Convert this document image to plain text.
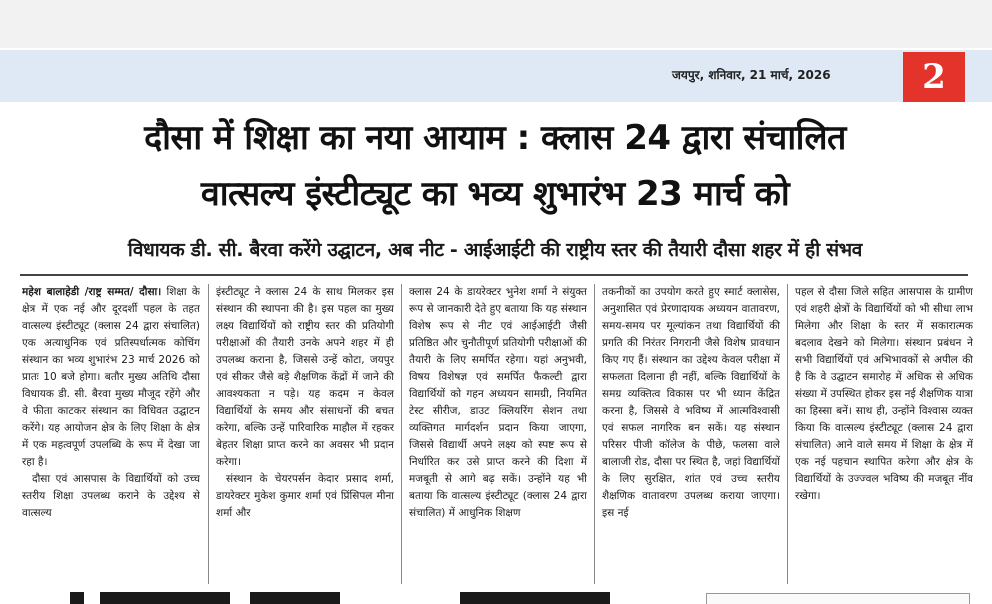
जयपुर, शनिवार, 21 मार्च, 2026	2
दौसा में शिक्षा का नया आयाम : क्लास 24 द्वारा संचालित
वात्सल्य इंस्टीट्यूट का भव्य शुभारंभ 23 मार्च को
विधायक डी. सी. बैरवा करेंगे उद्घाटन, अब नीट - आईआईटी की राष्ट्रीय स्तर की तैयारी दौसा शहर में ही संभव

महेश बालाहेडी /राष्ट्र सम्मत/ दौसा। शिक्षा के क्षेत्र में एक नई और दूरदर्शी पहल के तहत वात्सल्य इंस्टीट्यूट (क्लास 24 द्वारा संचालित) एक अत्याधुनिक एवं प्रतिस्पर्धात्मक कोचिंग संस्थान का भव्य शुभारंभ 23 मार्च 2026 को प्रातः 10 बजे होगा। बतौर मुख्य अतिथि दौसा विधायक डी. सी. बैरवा मुख्य मौजूद रहेंगे और वे फीता काटकर संस्थान का विधिवत उद्घाटन करेंगे। यह आयोजन क्षेत्र के लिए शिक्षा के क्षेत्र में एक महत्वपूर्ण उपलब्धि के रूप में देखा जा रहा है।

दौसा एवं आसपास के विद्यार्थियों को उच्च स्तरीय शिक्षा उपलब्ध कराने के उद्देश्य से वात्सल्य

इंस्टीट्यूट ने क्लास 24 के साथ मिलकर इस संस्थान की स्थापना की है। इस पहल का मुख्य लक्ष्य विद्यार्थियों को राष्ट्रीय स्तर की प्रतियोगी परीक्षाओं की तैयारी उनके अपने शहर में ही उपलब्ध कराना है, जिससे उन्हें कोटा, जयपुर एवं सीकर जैसे बड़े शैक्षणिक केंद्रों में जाने की आवश्यकता न पड़े। यह कदम न केवल विद्यार्थियों के समय और संसाधनों की बचत करेगा, बल्कि उन्हें पारिवारिक माहौल में रहकर बेहतर शिक्षा प्राप्त करने का अवसर भी प्रदान करेगा।

संस्थान के चेयरपर्सन केदार प्रसाद शर्मा, डायरेक्टर मुकेश कुमार शर्मा एवं प्रिंसिपल मीना शर्मा और

क्लास 24 के डायरेक्टर भुनेश शर्मा ने संयुक्त रूप से जानकारी देते हुए बताया कि यह संस्थान विशेष रूप से नीट एवं आईआईटी जैसी प्रतिष्ठित और चुनौतीपूर्ण प्रतियोगी परीक्षाओं की तैयारी के लिए समर्पित रहेगा। यहां अनुभवी, विषय विशेषज्ञ एवं समर्पित फैकल्टी द्वारा विद्यार्थियों को गहन अध्ययन सामग्री, नियमित टेस्ट सीरीज, डाउट क्लियरिंग सेशन तथा व्यक्तिगत मार्गदर्शन प्रदान किया जाएगा, जिससे विद्यार्थी अपने लक्ष्य को स्पष्ट रूप से निर्धारित कर उसे प्राप्त करने की दिशा में मजबूती से आगे बढ़ सकें। उन्होंने यह भी बताया कि वात्सल्य इंस्टीट्यूट (क्लास 24 द्वारा संचालित) में आधुनिक शिक्षण

तकनीकों का उपयोग करते हुए स्मार्ट क्लासेस, अनुशासित एवं प्रेरणादायक अध्ययन वातावरण, समय-समय पर मूल्यांकन तथा विद्यार्थियों की प्रगति की निरंतर निगरानी जैसे विशेष प्रावधान किए गए हैं। संस्थान का उद्देश्य केवल परीक्षा में सफलता दिलाना ही नहीं, बल्कि विद्यार्थियों के समग्र व्यक्तित्व विकास पर भी ध्यान केंद्रित करना है, जिससे वे भविष्य में आत्मविश्वासी एवं सफल नागरिक बन सकें। यह संस्थान परिसर पीजी कॉलेज के पीछे, फलसा वाले बालाजी रोड, दौसा पर स्थित है, जहां विद्यार्थियों के लिए सुरक्षित, शांत एवं उच्च स्तरीय शैक्षणिक वातावरण उपलब्ध कराया जाएगा। इस नई

पहल से दौसा जिले सहित आसपास के ग्रामीण एवं शहरी क्षेत्रों के विद्यार्थियों को भी सीधा लाभ मिलेगा और शिक्षा के स्तर में सकारात्मक बदलाव देखने को मिलेगा। संस्थान प्रबंधन ने सभी विद्यार्थियों एवं अभिभावकों से अपील की है कि वे उद्घाटन समारोह में अधिक से अधिक संख्या में उपस्थित होकर इस नई शैक्षणिक यात्रा का हिस्सा बनें। साथ ही, उन्होंने विश्वास व्यक्त किया कि वात्सल्य इंस्टीट्यूट (क्लास 24 द्वारा संचालित) आने वाले समय में शिक्षा के क्षेत्र में एक नई पहचान स्थापित करेगा और क्षेत्र के विद्यार्थियों के उज्ज्वल भविष्य की मजबूत नींव रखेगा।
